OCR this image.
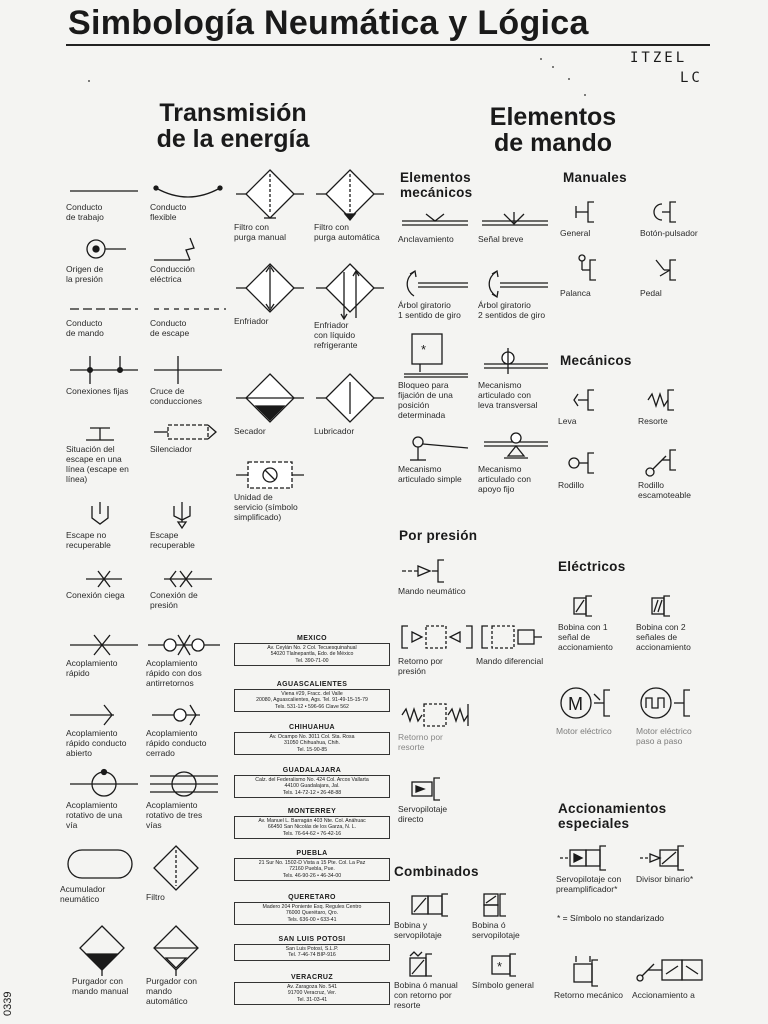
Simbología Neumática y Lógica
ITZEL
LC
Transmisión
de la energía
Elementos
de mando
Elementos
mecánicos
Manuales
Mecánicos
Por presión
Eléctricos
Accionamientos
especiales
Combinados
Conducto
de trabajo
Conducto
flexible
Origen de
la presión
Conducción
eléctrica
Conducto
de mando
Conducto
de escape
Conexiones fijas	Cruce de
conducciones
Situación del
escape en una
línea (escape en
línea)
Silenciador
Escape no
recuperable
Escape
recuperable
Conexión ciega	Conexión de
presión
Acoplamiento
rápido
Acoplamiento
rápido con dos
antirretornos
Acoplamiento
rápido conducto
abierto
Acoplamiento
rápido conducto
cerrado
Acoplamiento
rotativo de una
vía
Acoplamiento
rotativo de tres
vías
Acumulador
neumático	Filtro
Purgador con
mando manual
Purgador con
mando
automático
Filtro con
purga manual
Filtro con
purga automática
Enfriador	Enfriador
con líquido
refrigerante
Secador	Lubricador
Unidad de
servicio (símbolo
simplificado)
MEXICO
Av. Ceylán No. 2 Col. Tecuesquinahual
54020 Tlalnepantla, Edo. de México
Tel. 390-71-00
AGUASCALIENTES
Viena #29, Fracc. del Valle
20080, Aguascalientes, Ags. Tel. 91-49-15-15-79
Tels. 531-12 • 596-66 Clave 562
CHIHUAHUA
Av. Ocampo No. 3011 Col. Sta. Rosa
31050 Chihuahua, Chih.
Tel. 15-90-85
GUADALAJARA
Calz. del Federalismo No. 424 Col. Arcos Vallarta
44100 Guadalajara, Jal.
Tels. 14-72-12 • 26-48-88
MONTERREY
Av. Manuel L. Barragán 403 Nte. Col. Anáhuac
66450 San Nicolás de los Garza, N. L.
Tels. 76-64-62 • 76-42-16
PUEBLA
21 Sur No. 1502-D Vista a 15 Pte. Col. La Paz
72160 Puebla, Pue.
Tels. 46-90-26 • 46-34-00
QUERETARO
Madero 204 Poniente Esq. Regules Centro
76000 Querétaro, Qro.
Tels. 636-00 • 633-41
SAN LUIS POTOSI
San Luis Potosí, S.L.P.
Tel. 7-46-74 BIP-916
VERACRUZ
Av. Zaragoza No. 541
91700 Veracruz, Ver.
Tel. 31-03-41
Anclavamiento	Señal breve
Árbol giratorio
1 sentido de giro
Árbol giratorio
2 sentidos de giro
*
Bloqueo para
fijación de una
posición
determinada
Mecanismo
articulado con
leva transversal
Mecanismo
articulado simple
Mecanismo
articulado con
apoyo fijo
Mando neumático
Retorno por
presión
Mando diferencial
Retorno por
resorte
Servopilotaje
directo
Bobina y
servopilotaje
Bobina ó
servopilotaje
Bobina ó manual
con retorno por
resorte
*
Símbolo general
General	Botón-pulsador
Palanca	Pedal
Leva	Resorte
Rodillo	Rodillo
escamoteable
Bobina con 1
señal de
accionamiento
Bobina con 2
señales de
accionamiento
M
Motor eléctrico	Motor eléctrico
paso a paso
Servopilotaje con
preamplificador*
Divisor binario*
* = Símbolo no standarizado
Retorno mecánico	Accionamiento a
0339
